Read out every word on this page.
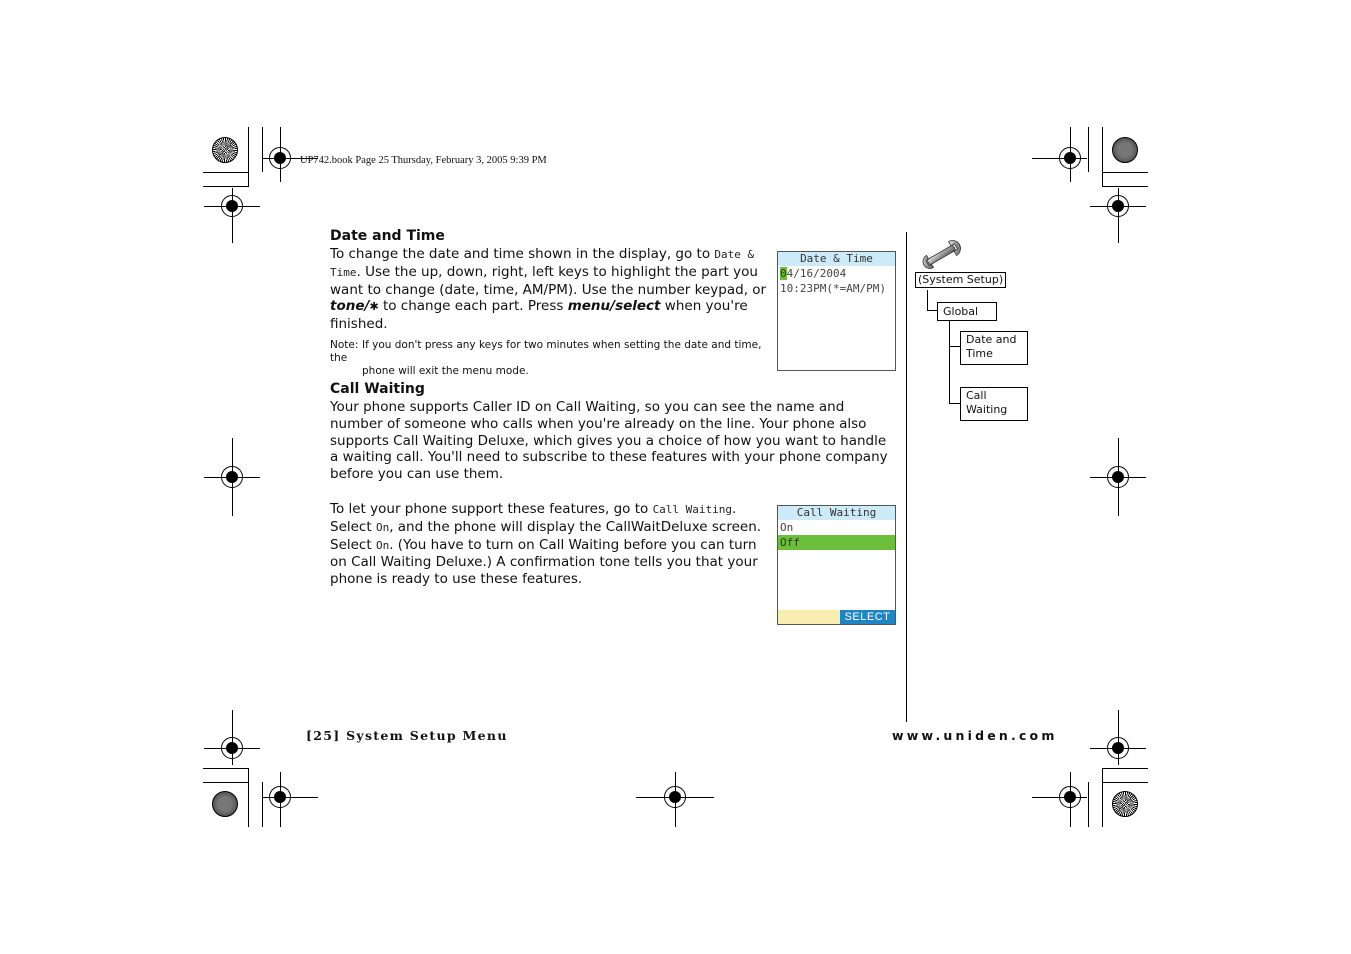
UP742.book Page 25 Thursday, February 3, 2005 9:39 PM
Date and Time
To change the date and time shown in the display, go to Date & Time. Use the up, down, right, left keys to highlight the part you want to change (date, time, AM/PM). Use the number keypad, or tone/✱ to change each part. Press menu/select when you're finished.
Note: If you don't press any keys for two minutes when setting the date and time, the
phone will exit the menu mode.
Date & Time
04/16/2004
10:23PM(*=AM/PM)
Call Waiting
Your phone supports Caller ID on Call Waiting, so you can see the name and number of someone who calls when you're already on the line. Your phone also supports Call Waiting Deluxe, which gives you a choice of how you want to handle a waiting call. You'll need to subscribe to these features with your phone company before you can use them.
To let your phone support these features, go to Call Waiting. Select On, and the phone will display the CallWaitDeluxe screen. Select On. (You have to turn on Call Waiting before you can turn on Call Waiting Deluxe.) A confirmation tone tells you that your phone is ready to use these features.
Call Waiting
On
Off
SELECT
(System Setup)
Global
Date and
Time
Call
Waiting
[25] System Setup Menu	www.uniden.com
